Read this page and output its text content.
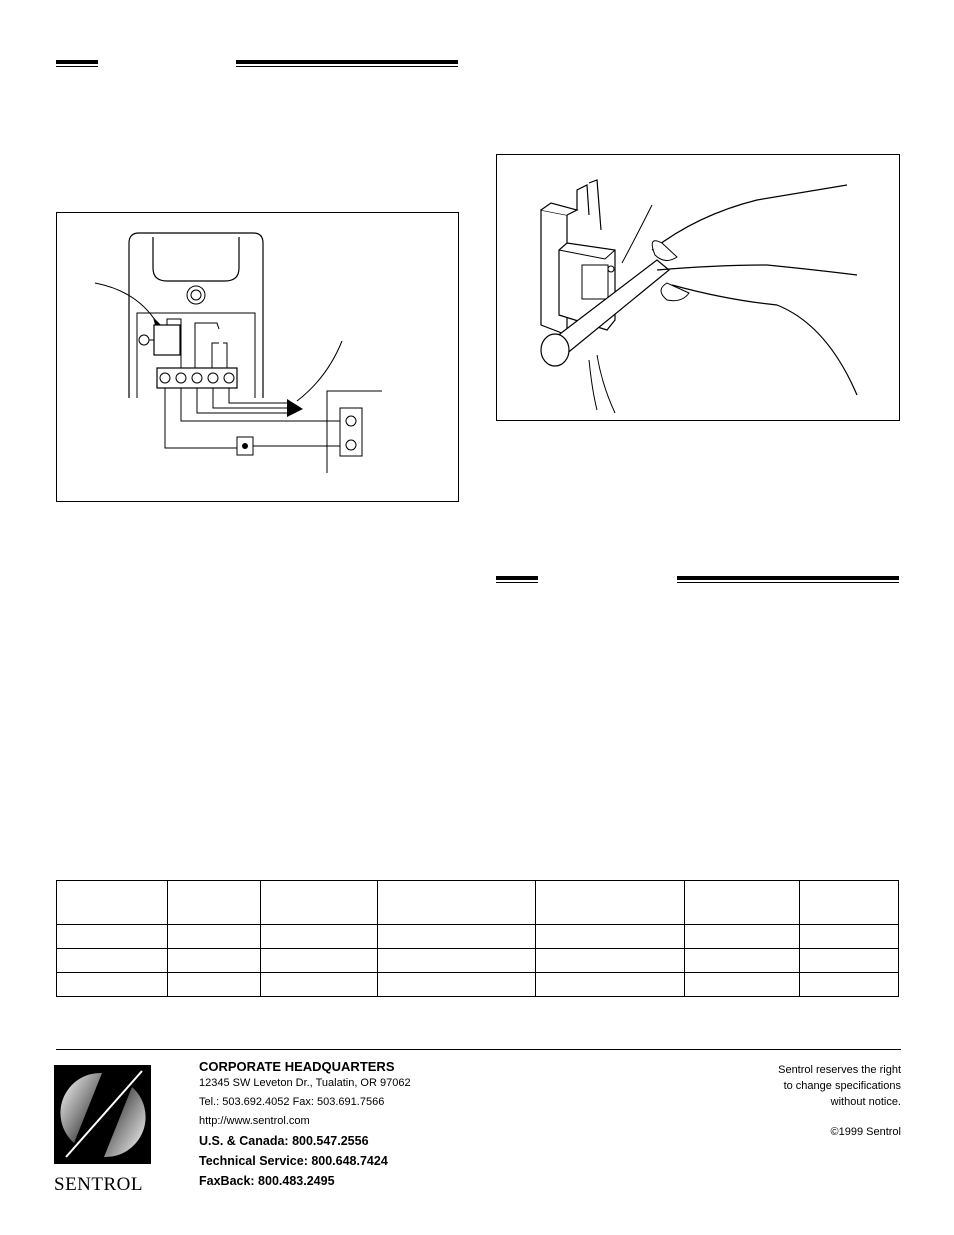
SENTROL
CORPORATE HEADQUARTERS
12345 SW Leveton Dr., Tualatin, OR 97062
Tel.: 503.692.4052 Fax: 503.691.7566
http://www.sentrol.com
U.S. & Canada: 800.547.2556
Technical Service: 800.648.7424
FaxBack: 800.483.2495
Sentrol reserves the right
to change specifications
without notice.
©1999 Sentrol
